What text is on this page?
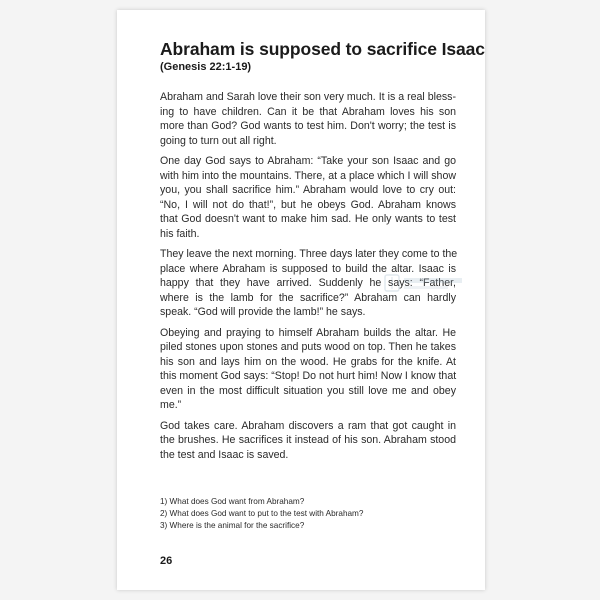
Abraham is supposed to sacrifice Isaac
(Genesis 22:1-19)

Abraham and Sarah love their son very much. It is a real bless-
ing to have children. Can it be that Abraham loves his son
more than God? God wants to test him. Don't worry; the test is
going to turn out all right.

One day God says to Abraham: “Take your son Isaac and go
with him into the mountains. There, at a place which I will show
you, you shall sacrifice him.” Abraham would love to cry out:
“No, I will not do that!”, but he obeys God. Abraham knows
that God doesn't want to make him sad. He only wants to test
his faith.

They leave the next morning. Three days later they come to the
place where Abraham is supposed to build the altar. Isaac is
happy that they have arrived. Suddenly he says: “Father,
where is the lamb for the sacrifice?” Abraham can hardly
speak. “God will provide the lamb!” he says.

Obeying and praying to himself Abraham builds the altar. He
piled stones upon stones and puts wood on top. Then he takes
his son and lays him on the wood. He grabs for the knife. At
this moment God says: “Stop! Do not hurt him! Now I know that
even in the most difficult situation you still love me and obey
me.”

God takes care. Abraham discovers a ram that got caught in
the brushes. He sacrifices it instead of his son. Abraham stood
the test and Isaac is saved.

1) What does God want from Abraham?
2) What does God want to put to the test with Abraham?
3) Where is the animal for the sacrifice?
26
